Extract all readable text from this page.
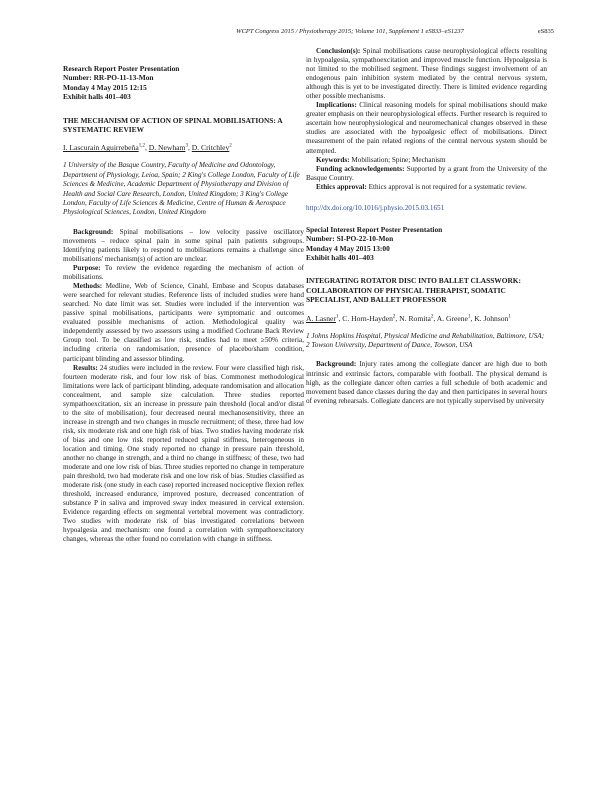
WCPT Congress 2015 / Physiotherapy 2015; Volume 101, Supplement 1 eS833–eS1237	eS835

Research Report Poster Presentation

Number: RR-PO-11-13-Mon

Monday 4 May 2015 12:15

Exhibit halls 401–403

THE MECHANISM OF ACTION OF SPINAL MOBILISATIONS: A SYSTEMATIC REVIEW

I. Lascurain Aguirrebeña$^{1,2}$, D. Newham$^3$, D. Critchley$^2$

1 University of the Basque Country, Faculty of Medicine and Odontology, Department of Physiology, Leioa, Spain; 2 King's College London, Faculty of Life Sciences & Medicine, Academic Department of Physiotherapy and Division of Health and Social Care Research, London, United Kingdom; 3 King's College London, Faculty of Life Sciences & Medicine, Centre of Human & Aerospace Physiological Sciences, London, United Kingdom

Background: Spinal mobilisations – low velocity passive oscillatory movements – reduce spinal pain in some spinal pain patients subgroups. Identifying patients likely to respond to mobilisations remains a challenge since mobilisations' mechanism(s) of action are unclear.

Purpose: To review the evidence regarding the mechanism of action of mobilisations.

Methods: Medline, Web of Science, Cinahl, Embase and Scopus databases were searched for relevant studies. Reference lists of included studies were hand searched. No date limit was set. Studies were included if the intervention was passive spinal mobilisations, participants were symptomatic and outcomes evaluated possible mechanisms of action. Methodological quality was independently assessed by two assessors using a modified Cochrane Back Review Group tool. To be classified as low risk, studies had to meet ≥50% criteria, including criteria on randomisation, presence of placebo/sham condition, participant blinding and assessor blinding.

Results: 24 studies were included in the review. Four were classified high risk, fourteen moderate risk, and four low risk of bias. Commonest methodological limitations were lack of participant blinding, adequate randomisation and allocation concealment, and sample size calculation. Three studies reported sympathoexcitation, six an increase in pressure pain threshold (local and/or distal to the site of mobilisation), four decreased neural mechanosensitivity, three an increase in strength and two changes in muscle recruitment; of these, three had low risk, six moderate risk and one high risk of bias. Two studies having moderate risk of bias and one low risk reported reduced spinal stiffness, heterogeneous in location and timing. One study reported no change in pressure pain threshold, another no change in strength, and a third no change in stiffness; of these, two had moderate and one low risk of bias. Three studies reported no change in temperature pain threshold, two had moderate risk and one low risk of bias. Studies classified as moderate risk (one study in each case) reported increased nociceptive flexion reflex threshold, increased endurance, improved posture, decreased concentration of substance P in saliva and improved sway index measured in cervical extension. Evidence regarding effects on segmental vertebral movement was contradictory. Two studies with moderate risk of bias investigated correlations between hypoalgesia and mechanism: one found a correlation with sympathoexcitatory changes, whereas the other found no correlation with change in stiffness.

Conclusion(s): Spinal mobilisations cause neurophysiological effects resulting in hypoalgesia, sympathoexcitation and improved muscle function. Hypoalgesia is not limited to the mobilised segment. These findings suggest involvement of an endogenous pain inhibition system mediated by the central nervous system, although this is yet to be investigated directly. There is limited evidence regarding other possible mechanisms.

Implications: Clinical reasoning models for spinal mobilisations should make greater emphasis on their neurophysiological effects. Further research is required to ascertain how neurophysiological and neuromechanical changes observed in these studies are associated with the hypoalgesic effect of mobilisations. Direct measurement of the pain related regions of the central nervous system should be attempted.

Keywords: Mobilisation; Spine; Mechanism

Funding acknowledgements: Supported by a grant from the University of the Basque Country.

Ethics approval: Ethics approval is not required for a systematic review.

http://dx.doi.org/10.1016/j.physio.2015.03.1651

Special Interest Report Poster Presentation

Number: SI-PO-22-10-Mon

Monday 4 May 2015 13:00

Exhibit halls 401–403

INTEGRATING ROTATOR DISC INTO BALLET CLASSWORK: COLLABORATION OF PHYSICAL THERAPIST, SOMATIC SPECIALIST, AND BALLET PROFESSOR

A. Lasner$^1$, C. Horn-Hayden$^2$, N. Romita$^2$, A. Greene$^1$, K. Johnson$^1$

1 Johns Hopkins Hospital, Physical Medicine and Rehabilitation, Baltimore, USA; 2 Towson University, Department of Dance, Towson, USA

Background: Injury rates among the collegiate dancer are high due to both intrinsic and extrinsic factors, comparable with football. The physical demand is high, as the collegiate dancer often carries a full schedule of both academic and movement based dance classes during the day and then participates in several hours of evening rehearsals. Collegiate dancers are not typically supervised by university
